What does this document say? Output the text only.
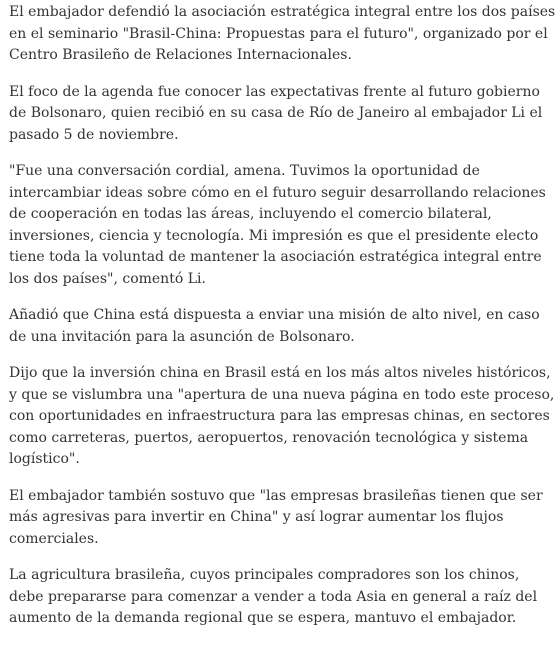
El embajador defendió la asociación estratégica integral entre los dos países en el seminario "Brasil-China: Propuestas para el futuro", organizado por el Centro Brasileño de Relaciones Internacionales.

El foco de la agenda fue conocer las expectativas frente al futuro gobierno de Bolsonaro, quien recibió en su casa de Río de Janeiro al embajador Li el pasado 5 de noviembre.

"Fue una conversación cordial, amena. Tuvimos la oportunidad de intercambiar ideas sobre cómo en el futuro seguir desarrollando relaciones de cooperación en todas las áreas, incluyendo el comercio bilateral, inversiones, ciencia y tecnología. Mi impresión es que el presidente electo tiene toda la voluntad de mantener la asociación estratégica integral entre los dos países", comentó Li.

Añadió que China está dispuesta a enviar una misión de alto nivel, en caso de una invitación para la asunción de Bolsonaro.

Dijo que la inversión china en Brasil está en los más altos niveles históricos, y que se vislumbra una "apertura de una nueva página en todo este proceso, con oportunidades en infraestructura para las empresas chinas, en sectores como carreteras, puertos, aeropuertos, renovación tecnológica y sistema logístico".

El embajador también sostuvo que "las empresas brasileñas tienen que ser más agresivas para invertir en China" y así lograr aumentar los flujos comerciales.

La agricultura brasileña, cuyos principales compradores son los chinos, debe prepararse para comenzar a vender a toda Asia en general a raíz del aumento de la demanda regional que se espera, mantuvo el embajador.
